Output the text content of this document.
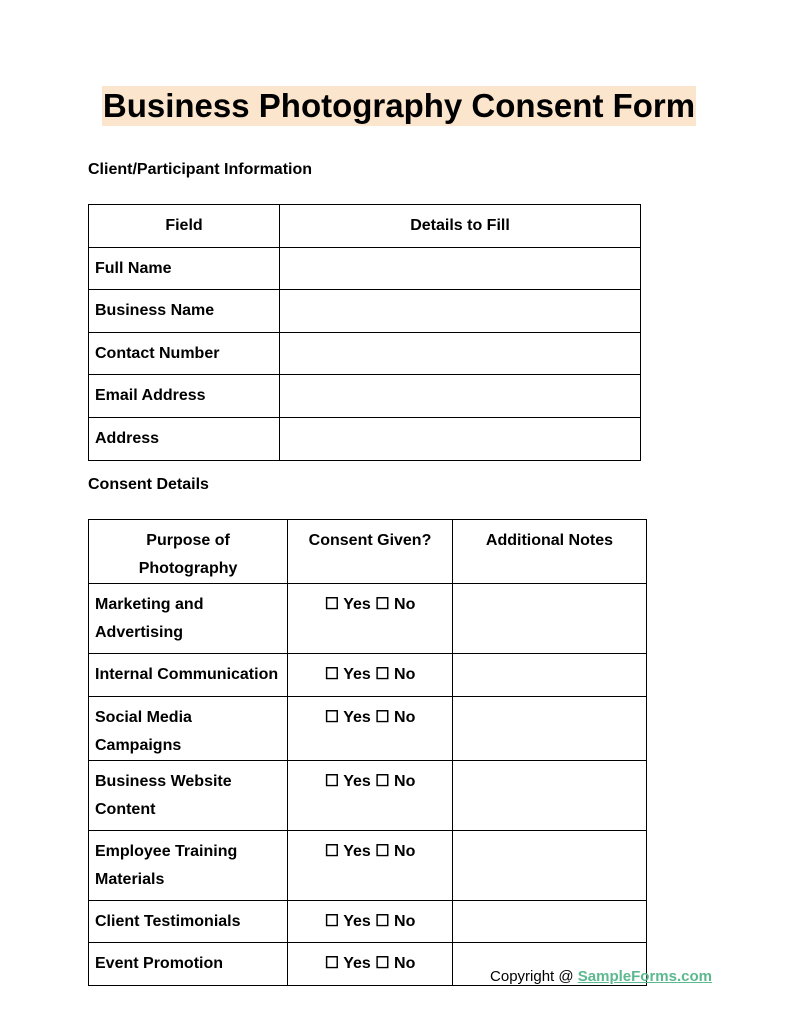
Business Photography Consent Form
Client/Participant Information
Field	Details to Fill
Full Name	
Business Name	
Contact Number	
Email Address	
Address	
Consent Details
Purpose of Photography	Consent Given?	Additional Notes
Marketing and Advertising	☐ Yes ☐ No	
Internal Communication	☐ Yes ☐ No	
Social Media Campaigns	☐ Yes ☐ No	
Business Website Content	☐ Yes ☐ No	
Employee Training Materials	☐ Yes ☐ No	
Client Testimonials	☐ Yes ☐ No	
Event Promotion	☐ Yes ☐ No	
Copyright @ SampleForms.com
